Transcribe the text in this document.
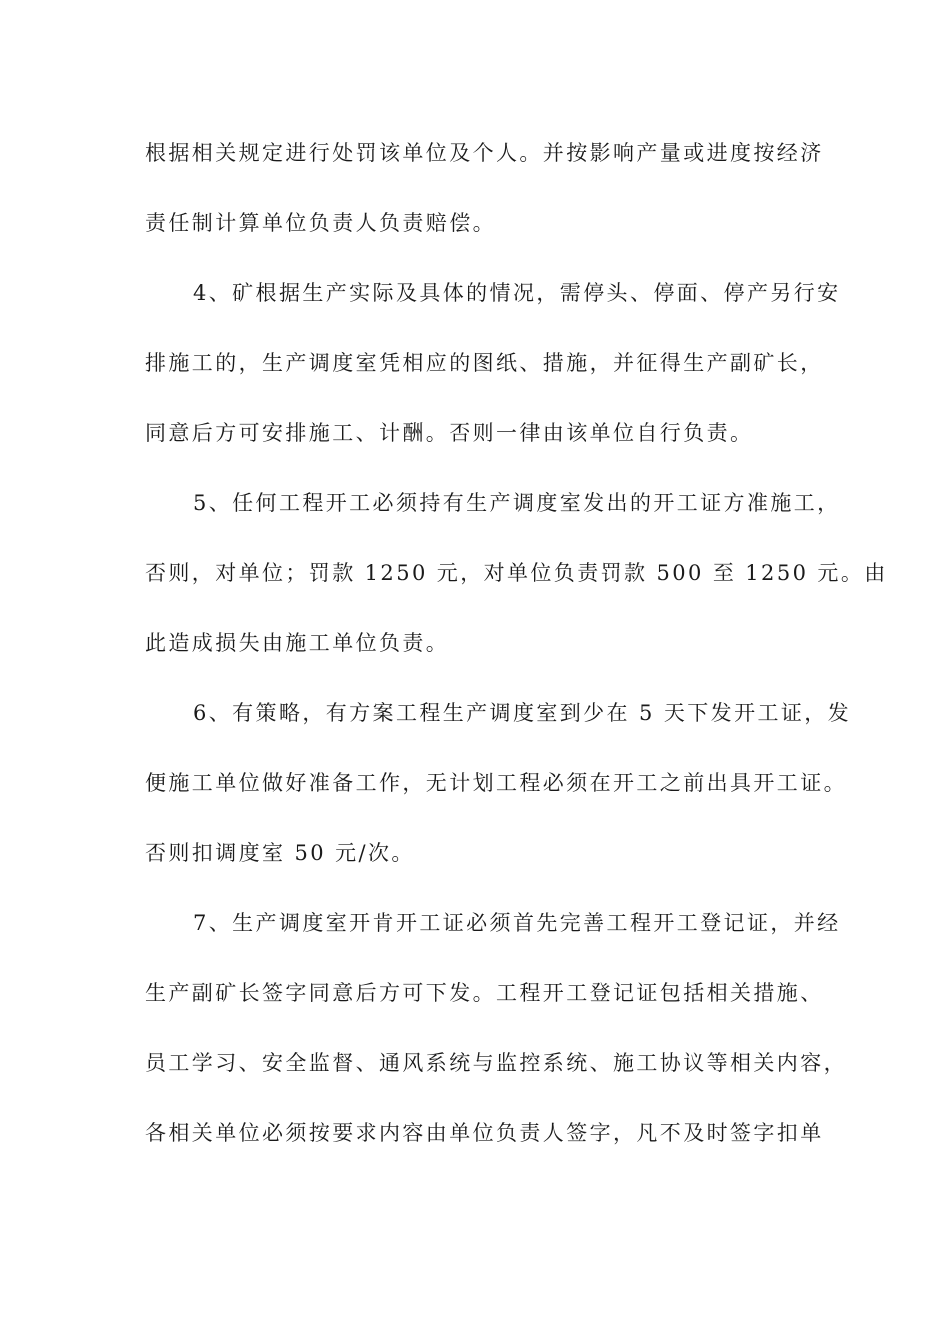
根据相关规定进行处罚该单位及个人。并按影响产量或进度按经济
责任制计算单位负责人负责赔偿。
4、矿根据生产实际及具体的情况，需停头、停面、停产另行安
排施工的，生产调度室凭相应的图纸、措施，并征得生产副矿长，
同意后方可安排施工、计酬。否则一律由该单位自行负责。
5、任何工程开工必须持有生产调度室发出的开工证方准施工，
否则，对单位；罚款 1250 元，对单位负责罚款 500 至 1250 元。由
此造成损失由施工单位负责。
6、有策略，有方案工程生产调度室到少在 5 天下发开工证，发
便施工单位做好准备工作，无计划工程必须在开工之前出具开工证。
否则扣调度室 50 元/次。
7、生产调度室开肯开工证必须首先完善工程开工登记证，并经
生产副矿长签字同意后方可下发。工程开工登记证包括相关措施、
员工学习、安全监督、通风系统与监控系统、施工协议等相关内容，
各相关单位必须按要求内容由单位负责人签字，凡不及时签字扣单
